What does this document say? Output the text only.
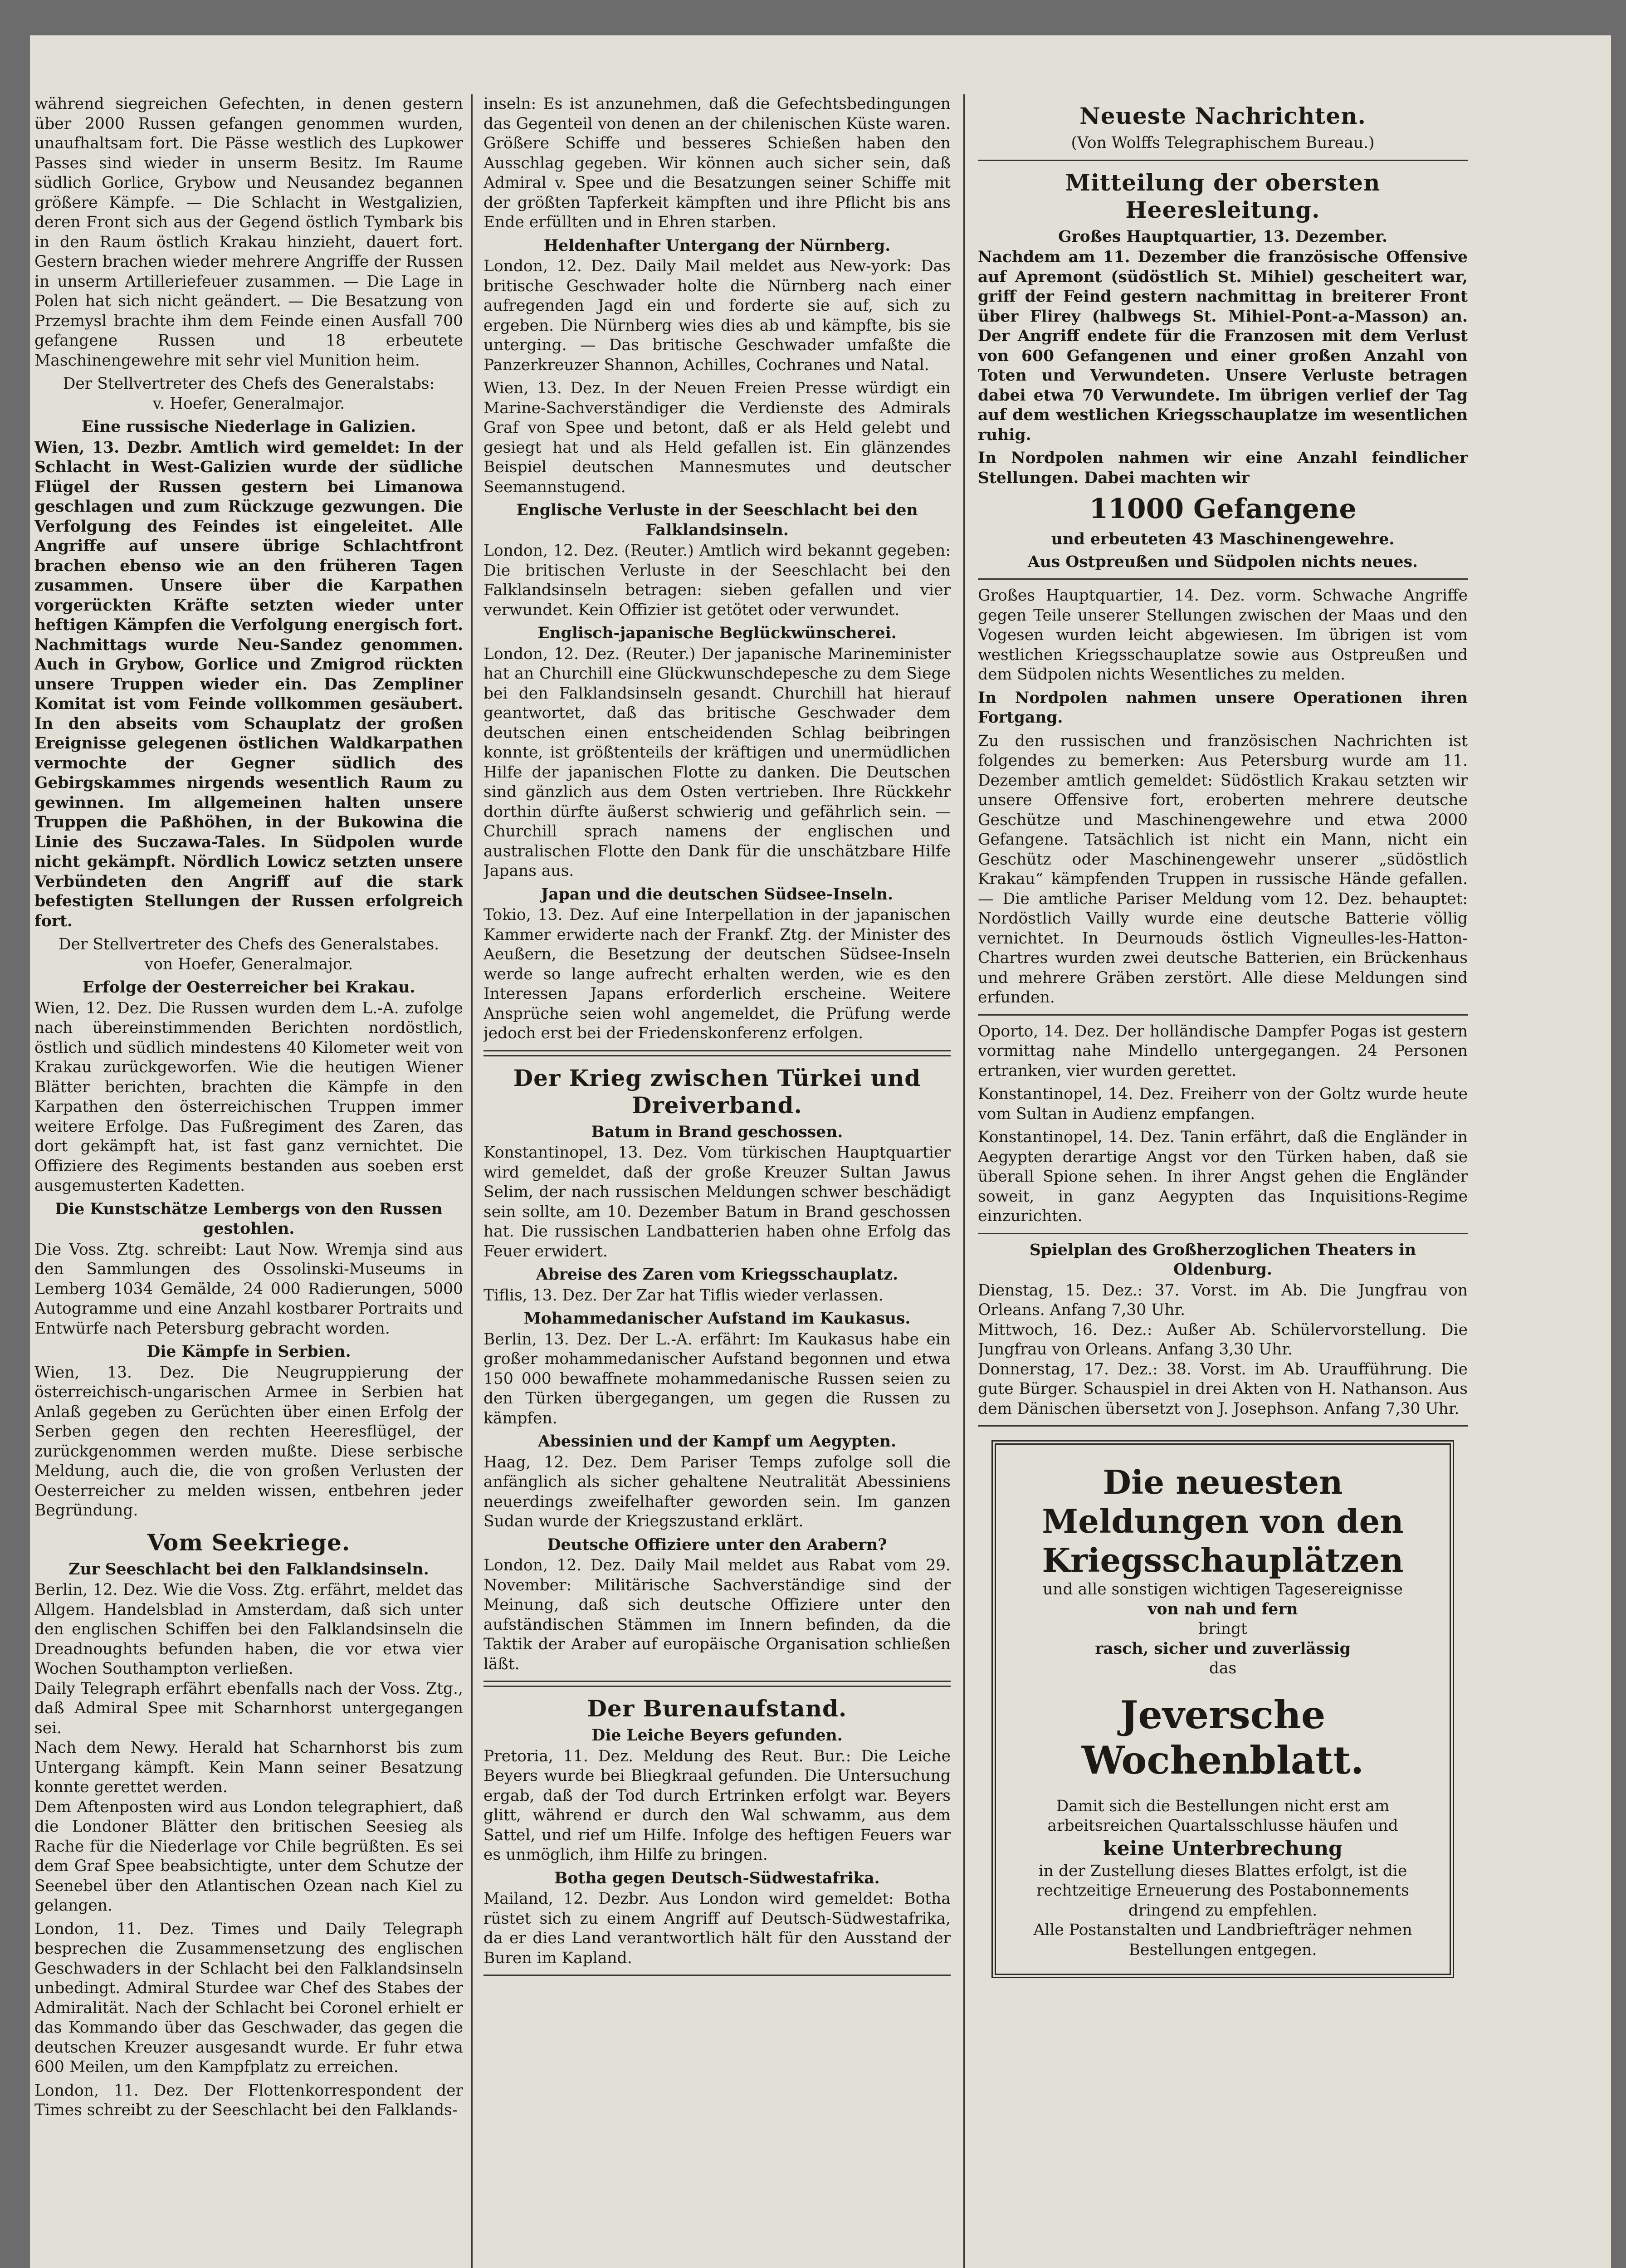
während siegreichen Gefechten, in denen gestern über 2000 Russen gefangen genommen wurden, unaufhaltsam fort. Die Pässe westlich des Lupkower Passes sind wieder in unserm Besitz. Im Raume südlich Gorlice, Grybow und Neusandez begannen größere Kämpfe. — Die Schlacht in Westgalizien, deren Front sich aus der Gegend östlich Tymbark bis in den Raum östlich Krakau hinzieht, dauert fort. Gestern brachen wieder mehrere Angriffe der Russen in unserm Artilleriefeuer zusammen. — Die Lage in Polen hat sich nicht geändert. — Die Besatzung von Przemysl brachte ihm dem Feinde einen Ausfall 700 gefangene Russen und 18 erbeutete Maschinengewehre mit sehr viel Munition heim.

Der Stellvertreter des Chefs des Generalstabs:

v. Hoefer, Generalmajor.

Eine russische Niederlage in Galizien.

Wien, 13. Dezbr. Amtlich wird gemeldet: In der Schlacht in West-Galizien wurde der südliche Flügel der Russen gestern bei Limanowa geschlagen und zum Rückzuge gezwungen. Die Verfolgung des Feindes ist eingeleitet. Alle Angriffe auf unsere übrige Schlachtfront brachen ebenso wie an den früheren Tagen zusammen. Unsere über die Karpathen vorgerückten Kräfte setzten wieder unter heftigen Kämpfen die Verfolgung energisch fort. Nachmittags wurde Neu-Sandez genommen. Auch in Grybow, Gorlice und Zmigrod rückten unsere Truppen wieder ein. Das Zempliner Komitat ist vom Feinde vollkommen gesäubert. In den abseits vom Schauplatz der großen Ereignisse gelegenen östlichen Waldkarpathen vermochte der Gegner südlich des Gebirgskammes nirgends wesentlich Raum zu gewinnen. Im allgemeinen halten unsere Truppen die Paßhöhen, in der Bukowina die Linie des Suczawa-Tales. In Südpolen wurde nicht gekämpft. Nördlich Lowicz setzten unsere Verbündeten den Angriff auf die stark befestigten Stellungen der Russen erfolgreich fort.

Der Stellvertreter des Chefs des Generalstabes.

von Hoefer, Generalmajor.

Erfolge der Oesterreicher bei Krakau.

Wien, 12. Dez. Die Russen wurden dem L.-A. zufolge nach übereinstimmenden Berichten nordöstlich, östlich und südlich mindestens 40 Kilometer weit von Krakau zurückgeworfen. Wie die heutigen Wiener Blätter berichten, brachten die Kämpfe in den Karpathen den österreichischen Truppen immer weitere Erfolge. Das Fußregiment des Zaren, das dort gekämpft hat, ist fast ganz vernichtet. Die Offiziere des Regiments bestanden aus soeben erst ausgemusterten Kadetten.

Die Kunstschätze Lembergs von den Russen gestohlen.

Die Voss. Ztg. schreibt: Laut Now. Wremja sind aus den Sammlungen des Ossolinski-Museums in Lemberg 1034 Gemälde, 24 000 Radierungen, 5000 Autogramme und eine Anzahl kostbarer Portraits und Entwürfe nach Petersburg gebracht worden.

Die Kämpfe in Serbien.

Wien, 13. Dez. Die Neugruppierung der österreichisch-ungarischen Armee in Serbien hat Anlaß gegeben zu Gerüchten über einen Erfolg der Serben gegen den rechten Heeresflügel, der zurückgenommen werden mußte. Diese serbische Meldung, auch die, die von großen Verlusten der Oesterreicher zu melden wissen, entbehren jeder Begründung.

Vom Seekriege.

Zur Seeschlacht bei den Falklandsinseln.

Berlin, 12. Dez. Wie die Voss. Ztg. erfährt, meldet das Allgem. Handelsblad in Amsterdam, daß sich unter den englischen Schiffen bei den Falklandsinseln die Dreadnoughts befunden haben, die vor etwa vier Wochen Southampton verließen.

Daily Telegraph erfährt ebenfalls nach der Voss. Ztg., daß Admiral Spee mit Scharnhorst untergegangen sei.

Nach dem Newy. Herald hat Scharnhorst bis zum Untergang kämpft. Kein Mann seiner Besatzung konnte gerettet werden.

Dem Aftenposten wird aus London telegraphiert, daß die Londoner Blätter den britischen Seesieg als Rache für die Niederlage vor Chile begrüßten. Es sei dem Graf Spee beabsichtigte, unter dem Schutze der Seenebel über den Atlantischen Ozean nach Kiel zu gelangen.

London, 11. Dez. Times und Daily Telegraph besprechen die Zusammensetzung des englischen Geschwaders in der Schlacht bei den Falklandsinseln unbedingt. Admiral Sturdee war Chef des Stabes der Admiralität. Nach der Schlacht bei Coronel erhielt er das Kommando über das Geschwader, das gegen die deutschen Kreuzer ausgesandt wurde. Er fuhr etwa 600 Meilen, um den Kampfplatz zu erreichen.

London, 11. Dez. Der Flottenkorrespondent der Times schreibt zu der Seeschlacht bei den Falklands-

inseln: Es ist anzunehmen, daß die Gefechtsbedingungen das Gegenteil von denen an der chilenischen Küste waren. Größere Schiffe und besseres Schießen haben den Ausschlag gegeben. Wir können auch sicher sein, daß Admiral v. Spee und die Besatzungen seiner Schiffe mit der größten Tapferkeit kämpften und ihre Pflicht bis ans Ende erfüllten und in Ehren starben.

Heldenhafter Untergang der Nürnberg.

London, 12. Dez. Daily Mail meldet aus New-york: Das britische Geschwader holte die Nürnberg nach einer aufregenden Jagd ein und forderte sie auf, sich zu ergeben. Die Nürnberg wies dies ab und kämpfte, bis sie unterging. — Das britische Geschwader umfaßte die Panzerkreuzer Shannon, Achilles, Cochranes und Natal.

Wien, 13. Dez. In der Neuen Freien Presse würdigt ein Marine-Sachverständiger die Verdienste des Admirals Graf von Spee und betont, daß er als Held gelebt und gesiegt hat und als Held gefallen ist. Ein glänzendes Beispiel deutschen Mannesmutes und deutscher Seemannstugend.

Englische Verluste in der Seeschlacht bei den Falklandsinseln.

London, 12. Dez. (Reuter.) Amtlich wird bekannt gegeben: Die britischen Verluste in der Seeschlacht bei den Falklandsinseln betragen: sieben gefallen und vier verwundet. Kein Offizier ist getötet oder verwundet.

Englisch-japanische Beglückwünscherei.

London, 12. Dez. (Reuter.) Der japanische Marineminister hat an Churchill eine Glückwunschdepesche zu dem Siege bei den Falklandsinseln gesandt. Churchill hat hierauf geantwortet, daß das britische Geschwader dem deutschen einen entscheidenden Schlag beibringen konnte, ist größtenteils der kräftigen und unermüdlichen Hilfe der japanischen Flotte zu danken. Die Deutschen sind gänzlich aus dem Osten vertrieben. Ihre Rückkehr dorthin dürfte äußerst schwierig und gefährlich sein. — Churchill sprach namens der englischen und australischen Flotte den Dank für die unschätzbare Hilfe Japans aus.

Japan und die deutschen Südsee-Inseln.

Tokio, 13. Dez. Auf eine Interpellation in der japanischen Kammer erwiderte nach der Frankf. Ztg. der Minister des Aeußern, die Besetzung der deutschen Südsee-Inseln werde so lange aufrecht erhalten werden, wie es den Interessen Japans erforderlich erscheine. Weitere Ansprüche seien wohl angemeldet, die Prüfung werde jedoch erst bei der Friedenskonferenz erfolgen.

Der Krieg zwischen Türkei und Dreiverband.

Batum in Brand geschossen.

Konstantinopel, 13. Dez. Vom türkischen Hauptquartier wird gemeldet, daß der große Kreuzer Sultan Jawus Selim, der nach russischen Meldungen schwer beschädigt sein sollte, am 10. Dezember Batum in Brand geschossen hat. Die russischen Landbatterien haben ohne Erfolg das Feuer erwidert.

Abreise des Zaren vom Kriegsschauplatz.

Tiflis, 13. Dez. Der Zar hat Tiflis wieder verlassen.

Mohammedanischer Aufstand im Kaukasus.

Berlin, 13. Dez. Der L.-A. erfährt: Im Kaukasus habe ein großer mohammedanischer Aufstand begonnen und etwa 150 000 bewaffnete mohammedanische Russen seien zu den Türken übergegangen, um gegen die Russen zu kämpfen.

Abessinien und der Kampf um Aegypten.

Haag, 12. Dez. Dem Pariser Temps zufolge soll die anfänglich als sicher gehaltene Neutralität Abessiniens neuerdings zweifelhafter geworden sein. Im ganzen Sudan wurde der Kriegszustand erklärt.

Deutsche Offiziere unter den Arabern?

London, 12. Dez. Daily Mail meldet aus Rabat vom 29. November: Militärische Sachverständige sind der Meinung, daß sich deutsche Offiziere unter den aufständischen Stämmen im Innern befinden, da die Taktik der Araber auf europäische Organisation schließen läßt.

Der Burenaufstand.

Die Leiche Beyers gefunden.

Pretoria, 11. Dez. Meldung des Reut. Bur.: Die Leiche Beyers wurde bei Bliegkraal gefunden. Die Untersuchung ergab, daß der Tod durch Ertrinken erfolgt war. Beyers glitt, während er durch den Wal schwamm, aus dem Sattel, und rief um Hilfe. Infolge des heftigen Feuers war es unmöglich, ihm Hilfe zu bringen.

Botha gegen Deutsch-Südwestafrika.

Mailand, 12. Dezbr. Aus London wird gemeldet: Botha rüstet sich zu einem Angriff auf Deutsch-Südwestafrika, da er dies Land verantwortlich hält für den Ausstand der Buren im Kapland.

Neueste Nachrichten.

(Von Wolffs Telegraphischem Bureau.)

Mitteilung der obersten Heeresleitung.

Großes Hauptquartier, 13. Dezember.

Nachdem am 11. Dezember die französische Offensive auf Apremont (südöstlich St. Mihiel) gescheitert war, griff der Feind gestern nachmittag in breiterer Front über Flirey (halbwegs St. Mihiel-Pont-a-Masson) an. Der Angriff endete für die Franzosen mit dem Verlust von 600 Gefangenen und einer großen Anzahl von Toten und Verwundeten. Unsere Verluste betragen dabei etwa 70 Verwundete. Im übrigen verlief der Tag auf dem westlichen Kriegsschauplatze im wesentlichen ruhig.

In Nordpolen nahmen wir eine Anzahl feindlicher Stellungen. Dabei machten wir

11000 Gefangene

und erbeuteten 43 Maschinengewehre.

Aus Ostpreußen und Südpolen nichts neues.

Großes Hauptquartier, 14. Dez. vorm. Schwache Angriffe gegen Teile unserer Stellungen zwischen der Maas und den Vogesen wurden leicht abgewiesen. Im übrigen ist vom westlichen Kriegsschauplatze sowie aus Ostpreußen und dem Südpolen nichts Wesentliches zu melden.

In Nordpolen nahmen unsere Operationen ihren Fortgang.

Zu den russischen und französischen Nachrichten ist folgendes zu bemerken: Aus Petersburg wurde am 11. Dezember amtlich gemeldet: Südöstlich Krakau setzten wir unsere Offensive fort, eroberten mehrere deutsche Geschütze und Maschinengewehre und etwa 2000 Gefangene. Tatsächlich ist nicht ein Mann, nicht ein Geschütz oder Maschinengewehr unserer „südöstlich Krakau“ kämpfenden Truppen in russische Hände gefallen. — Die amtliche Pariser Meldung vom 12. Dez. behauptet: Nordöstlich Vailly wurde eine deutsche Batterie völlig vernichtet. In Deurnouds östlich Vigneulles-les-Hatton-Chartres wurden zwei deutsche Batterien, ein Brückenhaus und mehrere Gräben zerstört. Alle diese Meldungen sind erfunden.

Oporto, 14. Dez. Der holländische Dampfer Pogas ist gestern vormittag nahe Mindello untergegangen. 24 Personen ertranken, vier wurden gerettet.

Konstantinopel, 14. Dez. Freiherr von der Goltz wurde heute vom Sultan in Audienz empfangen.

Konstantinopel, 14. Dez. Tanin erfährt, daß die Engländer in Aegypten derartige Angst vor den Türken haben, daß sie überall Spione sehen. In ihrer Angst gehen die Engländer soweit, in ganz Aegypten das Inquisitions-Regime einzurichten.

Spielplan des Großherzoglichen Theaters in Oldenburg.

Dienstag, 15. Dez.: 37. Vorst. im Ab. Die Jungfrau von Orleans. Anfang 7,30 Uhr.

Mittwoch, 16. Dez.: Außer Ab. Schülervorstellung. Die Jungfrau von Orleans. Anfang 3,30 Uhr.

Donnerstag, 17. Dez.: 38. Vorst. im Ab. Uraufführung. Die gute Bürger. Schauspiel in drei Akten von H. Nathanson. Aus dem Dänischen übersetzt von J. Josephson. Anfang 7,30 Uhr.

Die neuesten Meldungen von den Kriegsschauplätzen

und alle sonstigen wichtigen Tagesereignisse

von nah und fern

bringt

rasch, sicher und zuverlässig

das

Jeversche Wochenblatt.

Damit sich die Bestellungen nicht erst am arbeitsreichen Quartalsschlusse häufen und

keine Unterbrechung

in der Zustellung dieses Blattes erfolgt, ist die rechtzeitige Erneuerung des Postabonnements dringend zu empfehlen.

Alle Postanstalten und Landbriefträger nehmen Bestellungen entgegen.
